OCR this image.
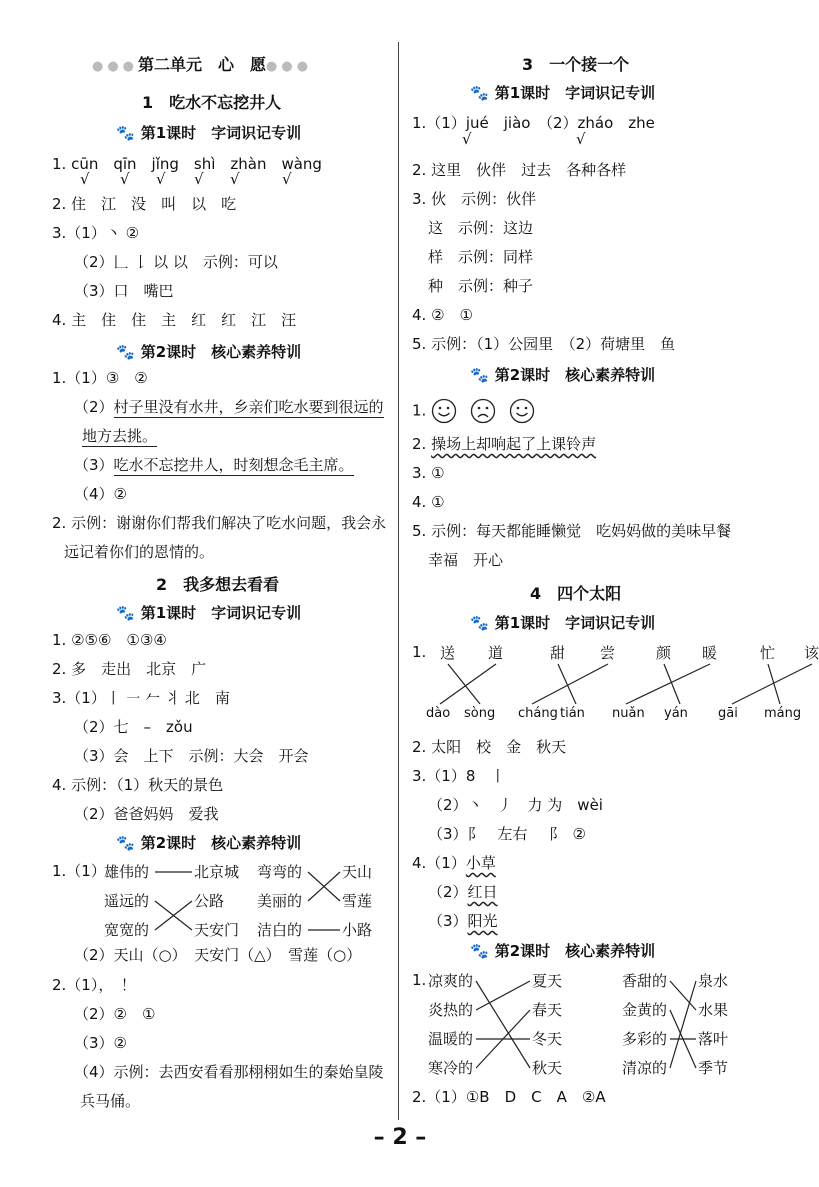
●●●第二单元　心　愿●●●
1　吃水不忘挖井人
🐾 第1课时　字词识记专训
1. cūn　qīn　jǐng　shì　zhàn　wàng
√ √ √ √ √	√
2. 住　江　没　叫　以　吃
3.（1）丶 ②
（2）𠃊 𠄌 以 以　示例：可以
（3）口　嘴巴
4. 主　住　住　主　红　红　江　汪
🐾 第2课时　核心素养特训
1.（1）③　②
（2）村子里没有水井，乡亲们吃水要到很远的
地方去挑。
（3）吃水不忘挖井人，时刻想念毛主席。
（4）②
2. 示例：谢谢你们帮我们解决了吃水问题，我会永
远记着你们的恩情的。
2　我多想去看看
🐾 第1课时　字词识记专训
1. ②⑤⑥　①③④
2. 多　走出　北京　广
3.（1）丨 ㇐ 𠂉 ⺦ 北　南
（2）七　–　zǒu
（3）会　上下　示例：大会　开会
4. 示例：（1）秋天的景色
（2）爸爸妈妈　爱我
🐾 第2课时　核心素养特训
1.（1）
雄伟的	北京城 弯弯的	天山
遥远的	公路 美丽的	雪莲
宽宽的	天安门 洁白的	小路
（2）天山（○）　天安门（△）　雪莲（○）
2.（1），　！
（2）②　①
（3）②
（4）示例：去西安看看那栩栩如生的秦始皇陵
兵马俑。
3　一个接一个
🐾 第1课时　字词识记专训
1.（1）jué　jiào　（2）zháo　zhe
√	√
2. 这里　伙伴　过去　各种各样
3. 伙　示例：伙伴
这　示例：这边
样　示例：同样
种　示例：种子
4. ②　①
5. 示例：（1）公园里　（2）荷塘里　鱼
🐾 第2课时　核心素养特训
1.
2. 操场上却响起了上课铃声
3. ①
4. ①
5. 示例：每天都能睡懒觉　吃妈妈做的美味早餐
幸福　开心
4　四个太阳
🐾 第1课时　字词识记专训
1. 送 道	甜 尝	颜 暖	忙 该
dào sòng cháng tián nuǎn yán gāi máng
2. 太阳　校　金　秋天
3.（1）8　丨
（2）丶　丿　力 为　wèi
（3）阝　左右　⻏　②
4.（1）小草
（2）红日
（3）阳光
🐾 第2课时　核心素养特训
1. 凉爽的	夏天	香甜的 泉水
炎热的	春天	金黄的 水果
温暖的	冬天	多彩的 落叶
寒冷的	秋天	清凉的 季节
2.（1）①B　D　C　A　②A
– 2 –
